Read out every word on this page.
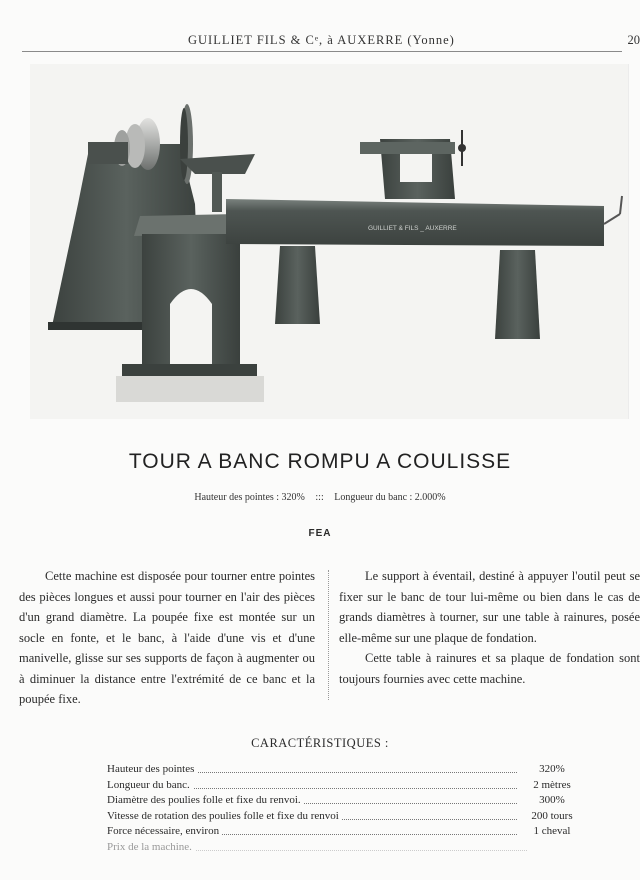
GUILLIET FILS & Cᵉ, à AUXERRE (Yonne)	20
GUILLIET & FILS _ AUXERRE
TOUR A BANC ROMPU A COULISSE
Hauteur des pointes : 320% ::: Longueur du banc : 2.000%
FEA

Cette machine est disposée pour tourner entre pointes des pièces longues et aussi pour tourner en l'air des pièces d'un grand diamètre. La poupée fixe est montée sur un socle en fonte, et le banc, à l'aide d'une vis et d'une manivelle, glisse sur ses supports de façon à augmenter ou à diminuer la distance entre l'extrémité de ce banc et la poupée fixe.

Le support à éventail, destiné à appuyer l'outil peut se fixer sur le banc de tour lui-même ou bien dans le cas de grands diamètres à tourner, sur une table à rainures, posée elle-même sur une plaque de fondation.

Cette table à rainures et sa plaque de fondation sont toujours fournies avec cette machine.

CARACTÉRISTIQUES :
Hauteur des pointes	320%
Longueur du banc.	2 mètres
Diamètre des poulies folle et fixe du renvoi.	300%
Vitesse de rotation des poulies folle et fixe du renvoi	200 tours
Force nécessaire, environ	1 cheval
Prix de la machine.
